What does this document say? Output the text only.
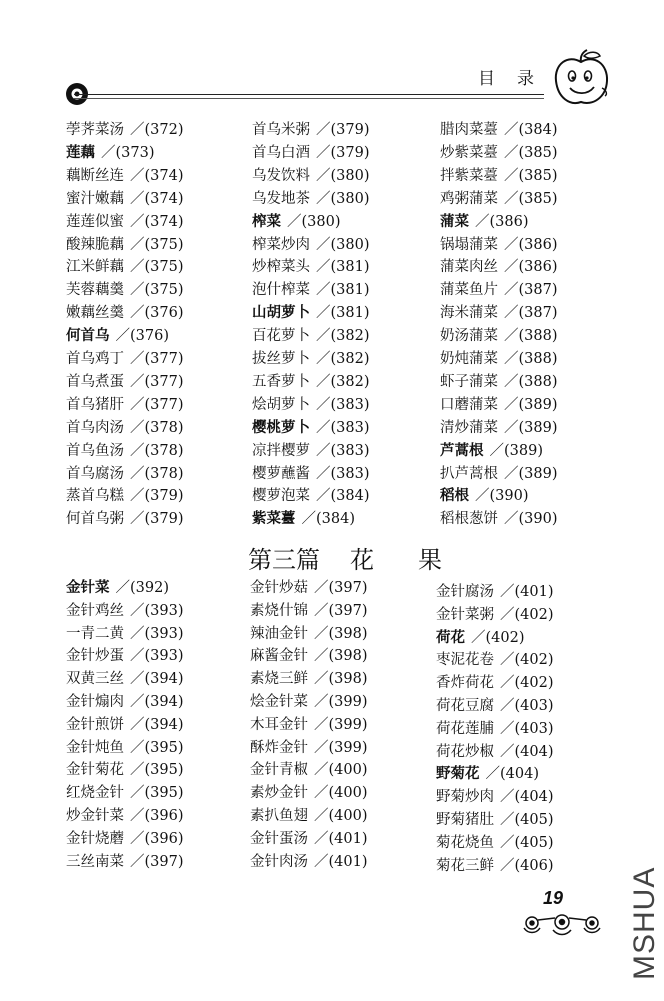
目录
荸荠菜汤 ／(372)
莲藕 ／(373)
藕断丝连 ／(374)
蜜汁嫩藕 ／(374)
莲莲似蜜 ／(374)
酸辣脆藕 ／(375)
江米鲜藕 ／(375)
芙蓉藕羹 ／(375)
嫩藕丝羹 ／(376)
何首乌 ／(376)
首乌鸡丁 ／(377)
首乌煮蛋 ／(377)
首乌猪肝 ／(377)
首乌肉汤 ／(378)
首乌鱼汤 ／(378)
首乌腐汤 ／(378)
蒸首乌糕 ／(379)
何首乌粥 ／(379)
首乌米粥 ／(379)
首乌白酒 ／(379)
乌发饮料 ／(380)
乌发地茶 ／(380)
榨菜 ／(380)
榨菜炒肉 ／(380)
炒榨菜头 ／(381)
泡什榨菜 ／(381)
山胡萝卜 ／(381)
百花萝卜 ／(382)
拔丝萝卜 ／(382)
五香萝卜 ／(382)
烩胡萝卜 ／(383)
樱桃萝卜 ／(383)
凉拌樱萝 ／(383)
樱萝蘸酱 ／(383)
樱萝泡菜 ／(384)
紫菜薹 ／(384)
腊肉菜薹 ／(384)
炒紫菜薹 ／(385)
拌紫菜薹 ／(385)
鸡粥蒲菜 ／(385)
蒲菜 ／(386)
锅塌蒲菜 ／(386)
蒲菜肉丝 ／(386)
蒲菜鱼片 ／(387)
海米蒲菜 ／(387)
奶汤蒲菜 ／(388)
奶炖蒲菜 ／(388)
虾子蒲菜 ／(388)
口蘑蒲菜 ／(389)
清炒蒲菜 ／(389)
芦蒿根 ／(389)
扒芦蒿根 ／(389)
稻根 ／(390)
稻根葱饼 ／(390)
第三篇 花 果
金针菜 ／(392)
金针鸡丝 ／(393)
一青二黄 ／(393)
金针炒蛋 ／(393)
双黄三丝 ／(394)
金针煽肉 ／(394)
金针煎饼 ／(394)
金针炖鱼 ／(395)
金针菊花 ／(395)
红烧金针 ／(395)
炒金针菜 ／(396)
金针烧蘑 ／(396)
三丝南菜 ／(397)
金针炒菇 ／(397)
素烧什锦 ／(397)
辣油金针 ／(398)
麻酱金针 ／(398)
素烧三鲜 ／(398)
烩金针菜 ／(399)
木耳金针 ／(399)
酥炸金针 ／(399)
金针青椒 ／(400)
素炒金针 ／(400)
素扒鱼翅 ／(400)
金针蛋汤 ／(401)
金针肉汤 ／(401)
金针腐汤 ／(401)
金针菜粥 ／(402)
荷花 ／(402)
枣泥花卷 ／(402)
香炸荷花 ／(402)
荷花豆腐 ／(403)
荷花莲脯 ／(403)
荷花炒椒 ／(404)
野菊花 ／(404)
野菊炒肉 ／(404)
野菊猪肚 ／(405)
菊花烧鱼 ／(405)
菊花三鲜 ／(406)
19 MSHUA
